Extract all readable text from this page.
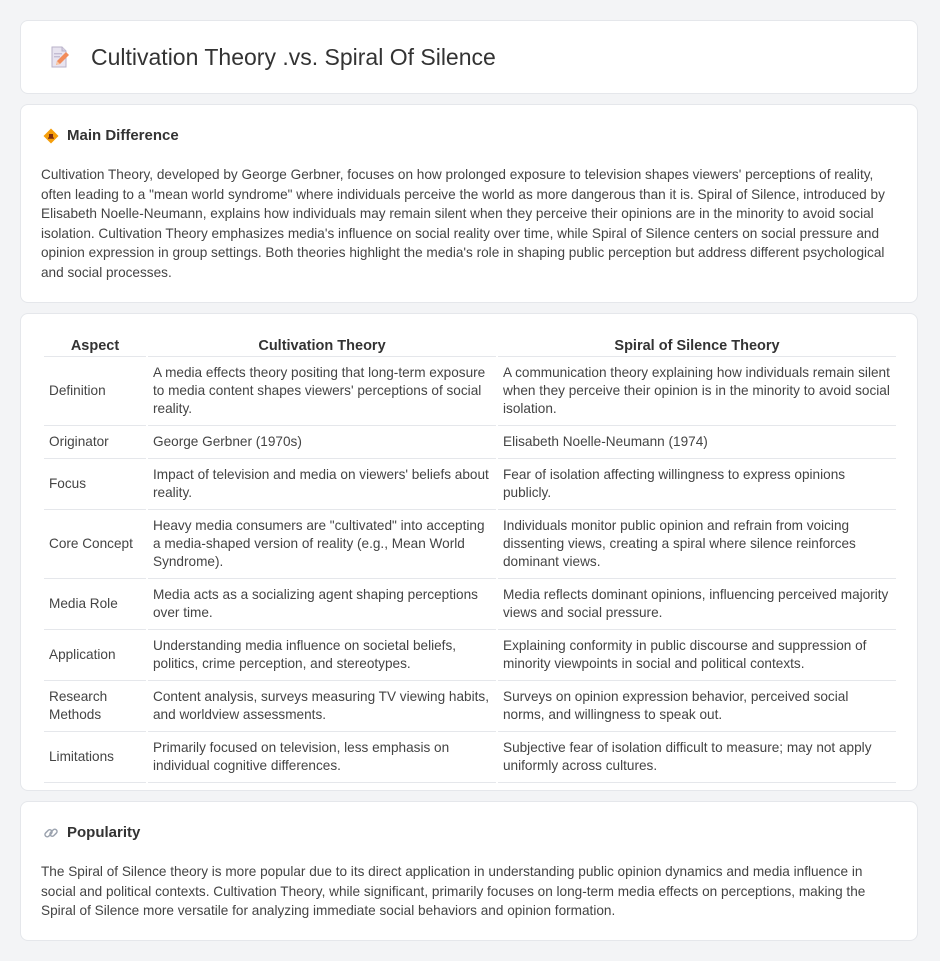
Cultivation Theory .vs. Spiral Of Silence
Main Difference

Cultivation Theory, developed by George Gerbner, focuses on how prolonged exposure to television shapes viewers' perceptions of reality, often leading to a "mean world syndrome" where individuals perceive the world as more dangerous than it is. Spiral of Silence, introduced by Elisabeth Noelle-Neumann, explains how individuals may remain silent when they perceive their opinions are in the minority to avoid social isolation. Cultivation Theory emphasizes media's influence on social reality over time, while Spiral of Silence centers on social pressure and opinion expression in group settings. Both theories highlight the media's role in shaping public perception but address different psychological and social processes.

Aspect	Cultivation Theory	Spiral of Silence Theory
Definition	A media effects theory positing that long-term exposure to media content shapes viewers' perceptions of social reality.	A communication theory explaining how individuals remain silent when they perceive their opinion is in the minority to avoid social isolation.
Originator	George Gerbner (1970s)	Elisabeth Noelle-Neumann (1974)
Focus	Impact of television and media on viewers' beliefs about reality.	Fear of isolation affecting willingness to express opinions publicly.
Core Concept	Heavy media consumers are "cultivated" into accepting a media-shaped version of reality (e.g., Mean World Syndrome).	Individuals monitor public opinion and refrain from voicing dissenting views, creating a spiral where silence reinforces dominant views.
Media Role	Media acts as a socializing agent shaping perceptions over time.	Media reflects dominant opinions, influencing perceived majority views and social pressure.
Application	Understanding media influence on societal beliefs, politics, crime perception, and stereotypes.	Explaining conformity in public discourse and suppression of minority viewpoints in social and political contexts.
Research Methods	Content analysis, surveys measuring TV viewing habits, and worldview assessments.	Surveys on opinion expression behavior, perceived social norms, and willingness to speak out.
Limitations	Primarily focused on television, less emphasis on individual cognitive differences.	Subjective fear of isolation difficult to measure; may not apply uniformly across cultures.
Popularity

The Spiral of Silence theory is more popular due to its direct application in understanding public opinion dynamics and media influence in social and political contexts. Cultivation Theory, while significant, primarily focuses on long-term media effects on perceptions, making the Spiral of Silence more versatile for analyzing immediate social behaviors and opinion formation.
